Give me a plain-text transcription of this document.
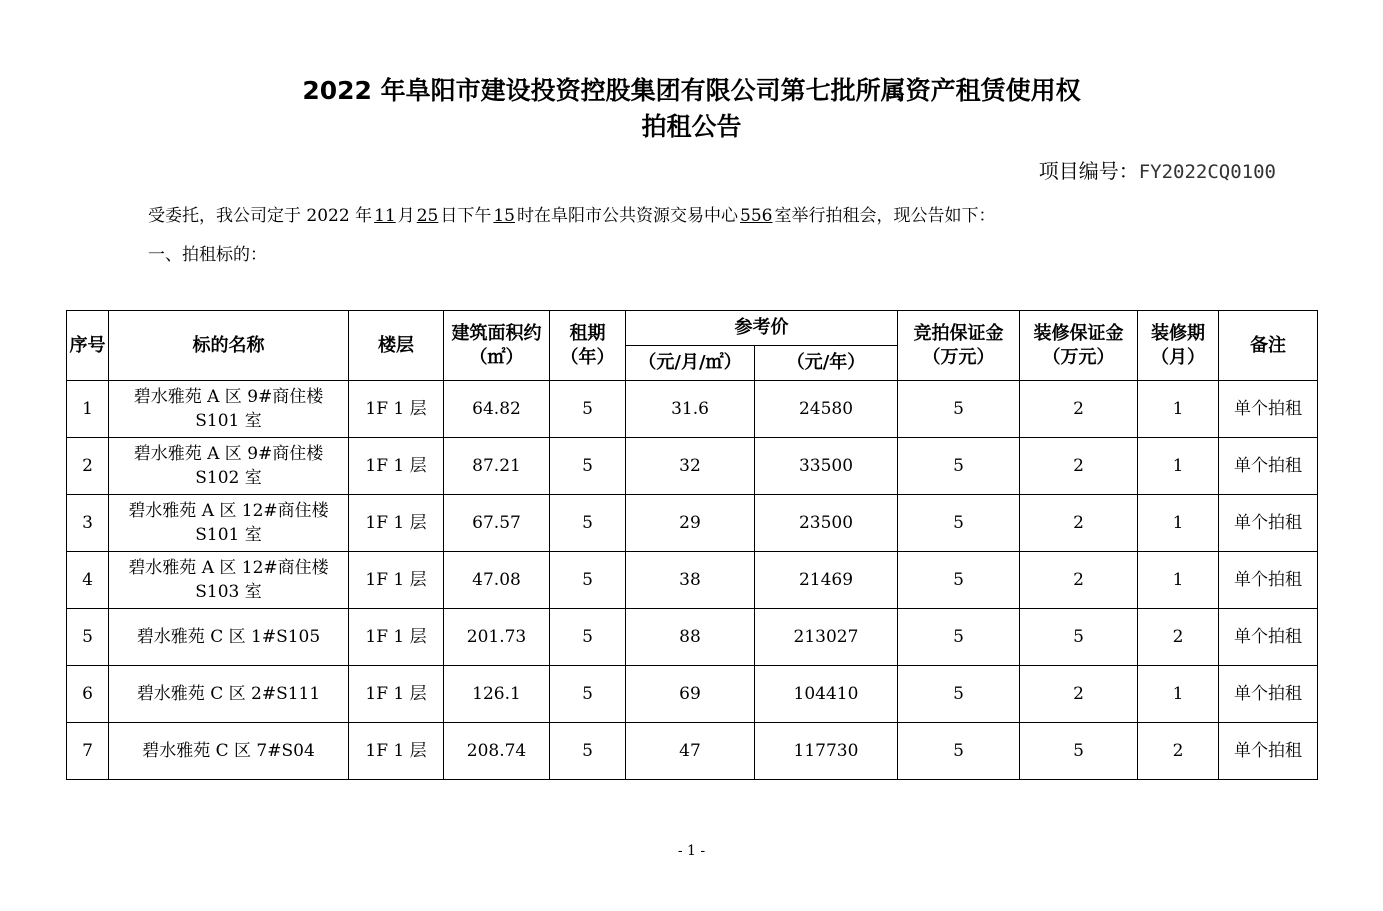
2022 年阜阳市建设投资控股集团有限公司第七批所属资产租赁使用权
拍租公告
项目编号：FY2022CQ0100
受委托，我公司定于 2022 年 11 月 25 日下午 15 时在阜阳市公共资源交易中心 556 室举行拍租会，现公告如下：
一、拍租标的：
序号	标的名称	楼层	建筑面积约（㎡）	租期（年）	参考价		竞拍保证金（万元）	装修保证金（万元）	装修期（月）	备注
					（元/月/㎡）	（元/年）				
1	碧水雅苑 A 区 9#商住楼 S101 室	1F 1 层	64.82	5	31.6	24580	5	2	1	单个拍租
2	碧水雅苑 A 区 9#商住楼 S102 室	1F 1 层	87.21	5	32	33500	5	2	1	单个拍租
3	碧水雅苑 A 区 12#商住楼 S101 室	1F 1 层	67.57	5	29	23500	5	2	1	单个拍租
4	碧水雅苑 A 区 12#商住楼 S103 室	1F 1 层	47.08	5	38	21469	5	2	1	单个拍租
5	碧水雅苑 C 区 1#S105	1F 1 层	201.73	5	88	213027	5	5	2	单个拍租
6	碧水雅苑 C 区 2#S111	1F 1 层	126.1	5	69	104410	5	2	1	单个拍租
7	碧水雅苑 C 区 7#S04	1F 1 层	208.74	5	47	117730	5	5	2	单个拍租
- 1 -
